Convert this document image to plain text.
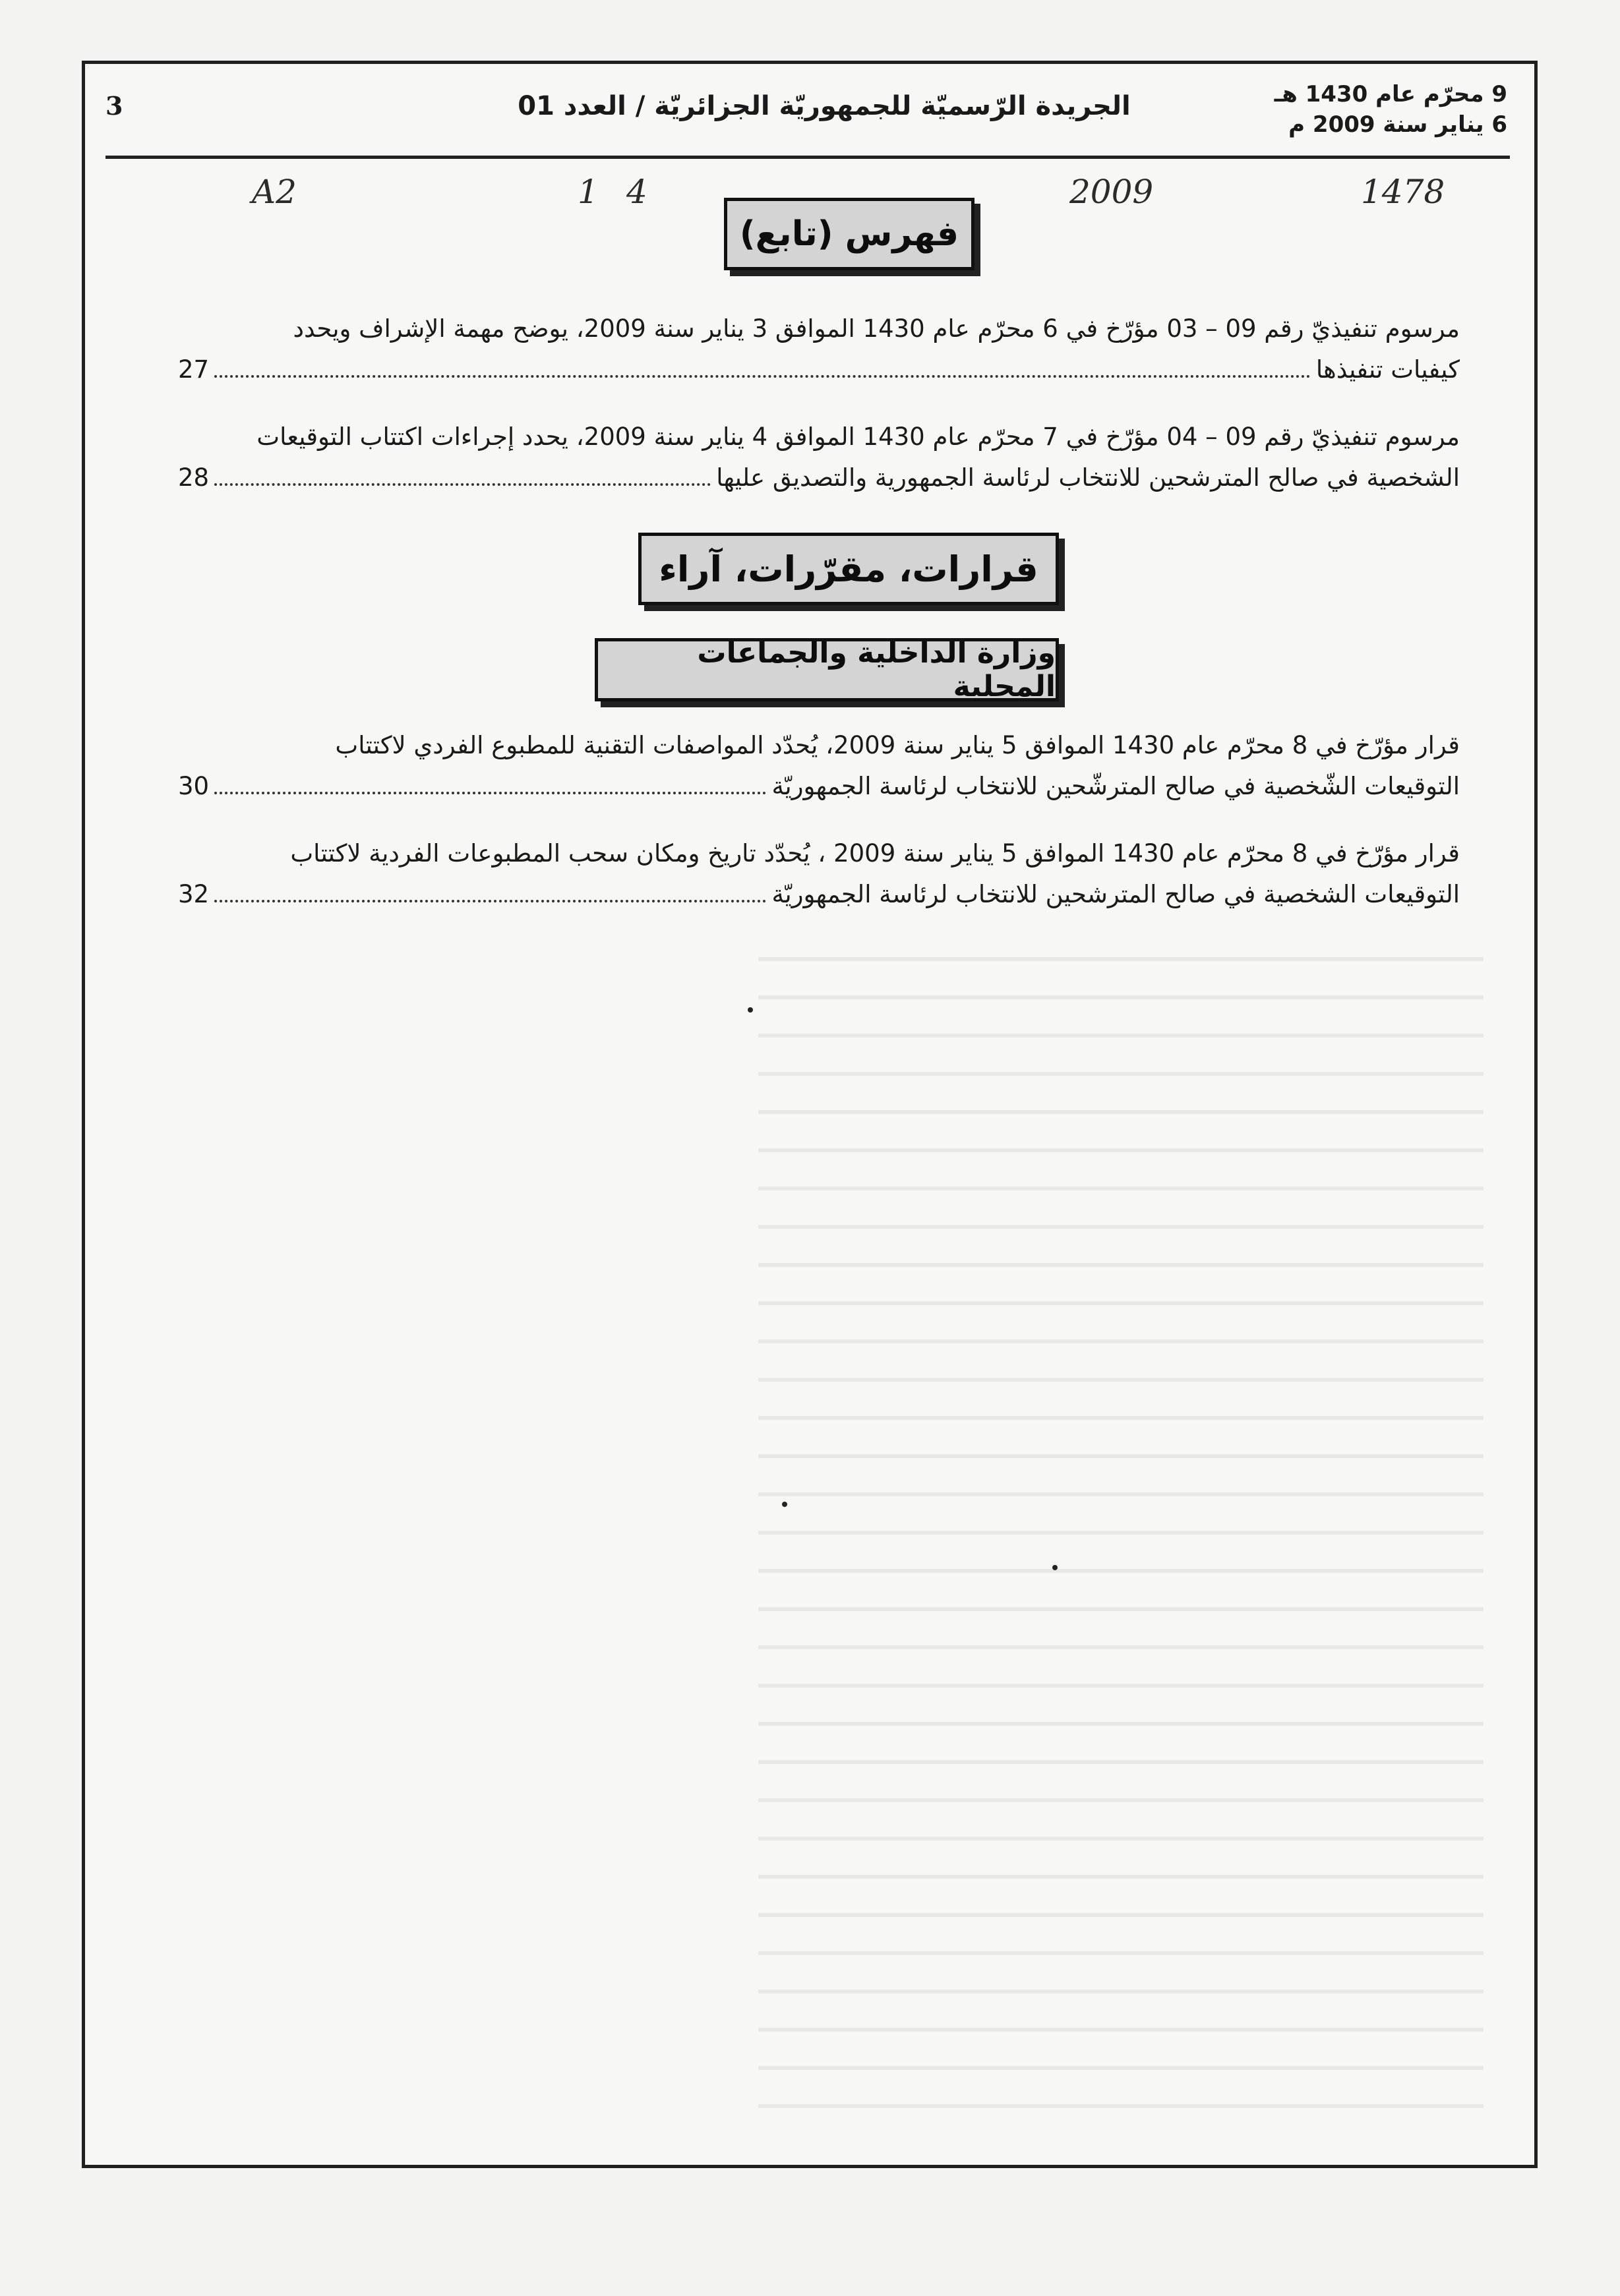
9 محرّم عام 1430 هـ
6 يناير سنة 2009 م
الجريدة الرّسميّة للجمهوريّة الجزائريّة / العدد 01
3
A2	1 4	2009	1478
فهرس (تابع)

مرسوم تنفيذيّ رقم 09 – 03 مؤرّخ في 6 محرّم عام 1430 الموافق 3 يناير سنة 2009، يوضح مهمة الإشراف ويحدد

كيفيات تنفيذها
27

مرسوم تنفيذيّ رقم 09 – 04 مؤرّخ في 7 محرّم عام 1430 الموافق 4 يناير سنة 2009، يحدد إجراءات اكتتاب التوقيعات

الشخصية في صالح المترشحين للانتخاب لرئاسة الجمهورية والتصديق عليها
28
قرارات، مقرّرات، آراء
وزارة الداخلية والجماعات المحلية

قرار مؤرّخ في 8 محرّم عام 1430 الموافق 5 يناير سنة 2009، يُحدّد المواصفات التقنية للمطبوع الفردي لاكتتاب

التوقيعات الشّخصية في صالح المترشّحين للانتخاب لرئاسة الجمهوريّة
30

قرار مؤرّخ في 8 محرّم عام 1430 الموافق 5 يناير سنة 2009 ، يُحدّد تاريخ ومكان سحب المطبوعات الفردية لاكتتاب

التوقيعات الشخصية في صالح المترشحين للانتخاب لرئاسة الجمهوريّة
32
